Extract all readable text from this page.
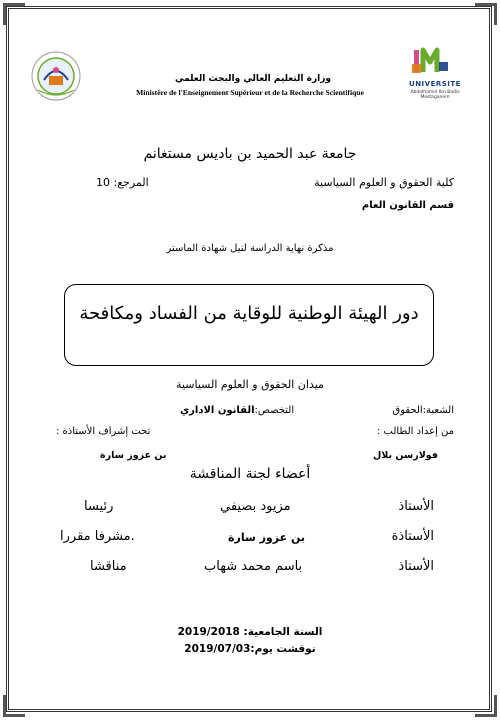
وزارة التعليم العالي والبحث العلمي
Ministère de l'Enseignement Supérieur et de la Recherche Scientifique
UNIVERSITE
Abdelhamid Ibn Badis Mostaganem
جامعة عبد الحميد بن باديس مستغانم
كلية الحقوق و العلوم السياسية
المرجع: 10
قسم القانون العام
مذكرة نهاية الدراسة لنيل شهادة الماستر
دور الهيئة الوطنية للوقاية من الفساد ومكافحة
ميدان الحقوق و العلوم السياسية
الشعبة:الحقوق
التخصص:القانون الاداري
من إعداد الطالب :
تحت إشراف الأستاذة :
فولارسن بلال
بن عزوز سارة
أعضاء لجنة المناقشة
الأستاذ
مزيود بصيفي
رئيسا
الأستاذة
بن عزوز سارة
.مشرفا مقررا
الأستاذ
باسم محمد شهاب
مناقشا
السنة الجامعية: 2019/2018
نوقشت يوم:2019/07/03
